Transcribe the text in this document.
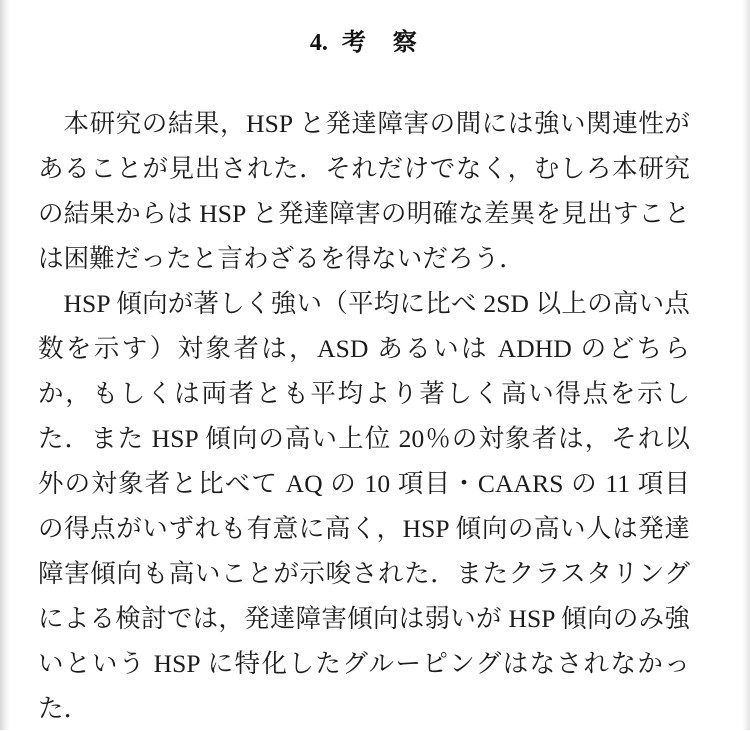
4. 考　察

本研究の結果，HSP と発達障害の間には強い関連性があることが見出された．それだけでなく，むしろ本研究の結果からは HSP と発達障害の明確な差異を見出すことは困難だったと言わざるを得ないだろう．

HSP 傾向が著しく強い（平均に比べ 2SD 以上の高い点数を示す）対象者は，ASD あるいは ADHD のどちらか，もしくは両者とも平均より著しく高い得点を示した．また HSP 傾向の高い上位 20％の対象者は，それ以外の対象者と比べて AQ の 10 項目・CAARS の 11 項目の得点がいずれも有意に高く，HSP 傾向の高い人は発達障害傾向も高いことが示唆された．またクラスタリングによる検討では，発達障害傾向は弱いが HSP 傾向のみ強いという HSP に特化したグルーピングはなされなかった．
